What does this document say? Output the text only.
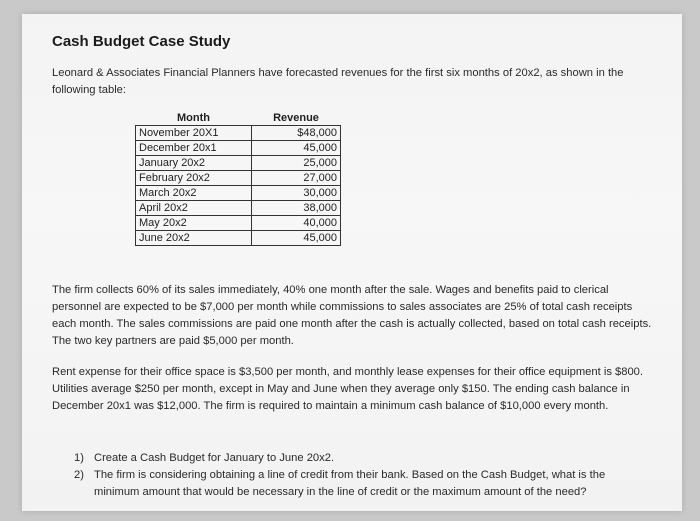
Cash Budget Case Study
Leonard & Associates Financial Planners have forecasted revenues for the first six months of 20x2, as shown in the following table:
Month	Revenue
November 20X1	$48,000
December 20x1	45,000
January 20x2	25,000
February 20x2	27,000
March 20x2	30,000
April 20x2	38,000
May 20x2	40,000
June 20x2	45,000
The firm collects 60% of its sales immediately, 40% one month after the sale. Wages and benefits paid to clerical personnel are expected to be $7,000 per month while commissions to sales associates are 25% of total cash receipts each month. The sales commissions are paid one month after the cash is actually collected, based on total cash receipts. The two key partners are paid $5,000 per month.
Rent expense for their office space is $3,500 per month, and monthly lease expenses for their office equipment is $800. Utilities average $250 per month, except in May and June when they average only $150. The ending cash balance in December 20x1 was $12,000. The firm is required to maintain a minimum cash balance of $10,000 every month.
1) Create a Cash Budget for January to June 20x2.
2) The firm is considering obtaining a line of credit from their bank. Based on the Cash Budget, what is the minimum amount that would be necessary in the line of credit or the maximum amount of the need?
